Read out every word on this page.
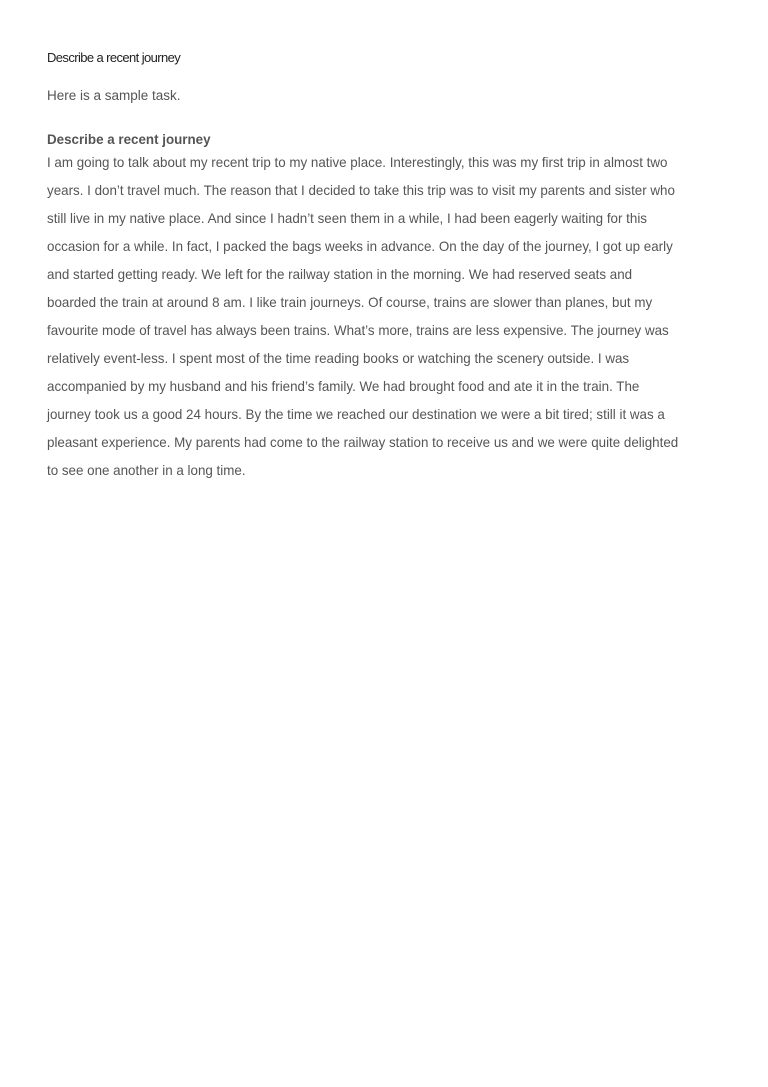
Describe a recent journey
Here is a sample task.
Describe a recent journey
I am going to talk about my recent trip to my native place. Interestingly, this was my first trip in almost two
years. I don’t travel much. The reason that I decided to take this trip was to visit my parents and sister who
still live in my native place. And since I hadn’t seen them in a while, I had been eagerly waiting for this
occasion for a while. In fact, I packed the bags weeks in advance. On the day of the journey, I got up early
and started getting ready. We left for the railway station in the morning. We had reserved seats and
boarded the train at around 8 am. I like train journeys. Of course, trains are slower than planes, but my
favourite mode of travel has always been trains. What’s more, trains are less expensive. The journey was
relatively event-less. I spent most of the time reading books or watching the scenery outside. I was
accompanied by my husband and his friend’s family. We had brought food and ate it in the train. The
journey took us a good 24 hours. By the time we reached our destination we were a bit tired; still it was a
pleasant experience. My parents had come to the railway station to receive us and we were quite delighted
to see one another in a long time.
